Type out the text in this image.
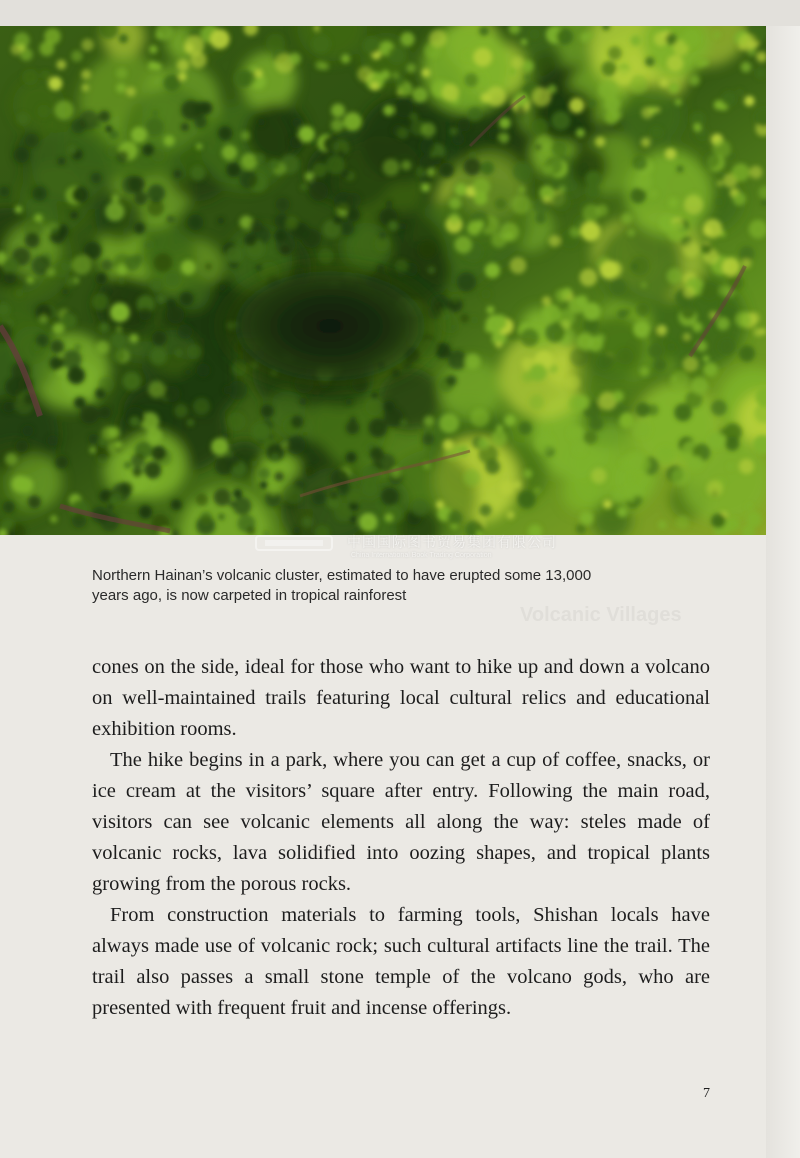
中国国际图书贸易集团有限公司
China International Book Trading Corporation
Northern Hainan’s volcanic cluster, estimated to have erupted some 13,000
years ago, is now carpeted in tropical rainforest
Volcanic Villages

cones on the side, ideal for those who want to hike up and down a volcano on well-maintained trails featuring local cultural relics and educational exhibition rooms.

The hike begins in a park, where you can get a cup of coffee, snacks, or ice cream at the visitors’ square after entry. Following the main road, visitors can see volcanic elements all along the way: steles made of volcanic rocks, lava solidified into oozing shapes, and tropical plants growing from the porous rocks.

From construction materials to farming tools, Shishan locals have always made use of volcanic rock; such cultural artifacts line the trail. The trail also passes a small stone temple of the volcano gods, who are presented with frequent fruit and incense offerings.

7
